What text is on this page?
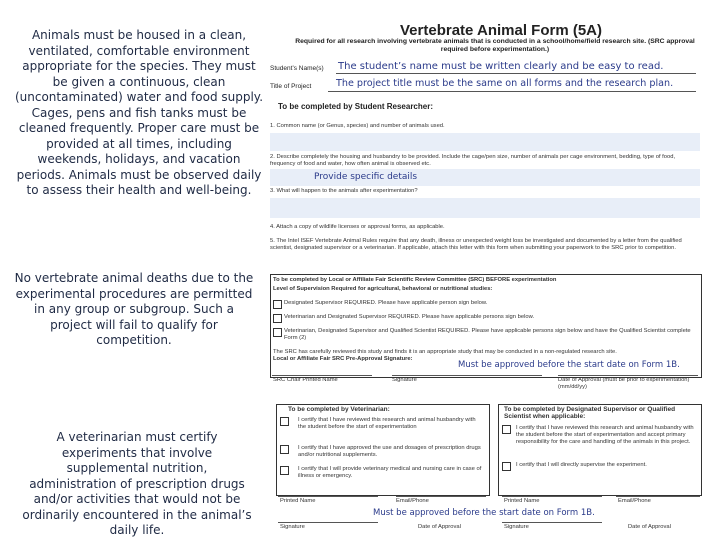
Animals must be housed in a clean, ventilated, comfortable environment appropriate for the species. They must be given a continuous, clean (uncontaminated) water and food supply. Cages, pens and fish tanks must be cleaned frequently. Proper care must be provided at all times, including weekends, holidays, and vacation periods. Animals must be observed daily to assess their health and well-being.
No vertebrate animal deaths due to the experimental procedures are permitted in any group or subgroup. Such a project will fail to qualify for competition.
A veterinarian must certify experiments that involve supplemental nutrition, administration of prescription drugs and/or activities that would not be ordinarily encountered in the animal’s daily life.
Vertebrate Animal Form (5A)
Required for all research involving vertebrate animals that is conducted in a school/home/field research site. (SRC approval required before experimentation.)
Student’s Name(s)
Title of Project
To be completed by Student Researcher:
1. Common name (or Genus, species) and number of animals used.
2. Describe completely the housing and husbandry to be provided. Include the cage/pen size, number of animals per cage environment, bedding, type of food, frequency of food and water, how often animal is observed etc.
3. What will happen to the animals after experimentation?
4. Attach a copy of wildlife licenses or approval forms, as applicable.
5. The Intel ISEF Vertebrate Animal Rules require that any death, illness or unexpected weight loss be investigated and documented by a letter from the qualified scientist, designated supervisor or a veterinarian. If applicable, attach this letter with this form when submitting your paperwork to the SRC prior to competition.
To be completed by Local or Affiliate Fair Scientific Review Committee (SRC) BEFORE experimentation
Level of Supervision Required for agricultural, behavioral or nutritional studies:
Designated Supervisor REQUIRED. Please have applicable person sign below.
Veterinarian and Designated Supervisor REQUIRED. Please have applicable persons sign below.
Veterinarian, Designated Supervisor and Qualified Scientist REQUIRED. Please have applicable persons sign below and have the Qualified Scientist complete Form (2)
The SRC has carefully reviewed this study and finds it is an appropriate study that may be conducted in a non-regulated research site.
Local or Affiliate Fair SRC Pre-Approval Signature:
SRC Chair Printed Name	Signature	Date of Approval (must be prior to experimentation) (mm/dd/yy)
To be completed by Veterinarian:
I certify that I have reviewed this research and animal husbandry with the student before the start of experimentation
I certify that I have approved the use and dosages of prescription drugs and/or nutritional supplements.
I certify that I will provide veterinary medical and nursing care in case of illness or emergency.
To be completed by Designated Supervisor or Qualified Scientist when applicable:
I certify that I have reviewed this research and animal husbandry with the student before the start of experimentation and accept primary responsibility for the care and handling of the animals in this project.
I certify that I will directly supervise the experiment.
Printed Name	Email/Phone	Printed Name	Email/Phone
Signature	Date of Approval	Signature	Date of Approval
The student’s name must be written clearly and be easy to read.
The project title must be the same on all forms and the research plan.
Provide specific details
Must be approved before the start date on Form 1B.
Must be approved before the start date on Form 1B.
